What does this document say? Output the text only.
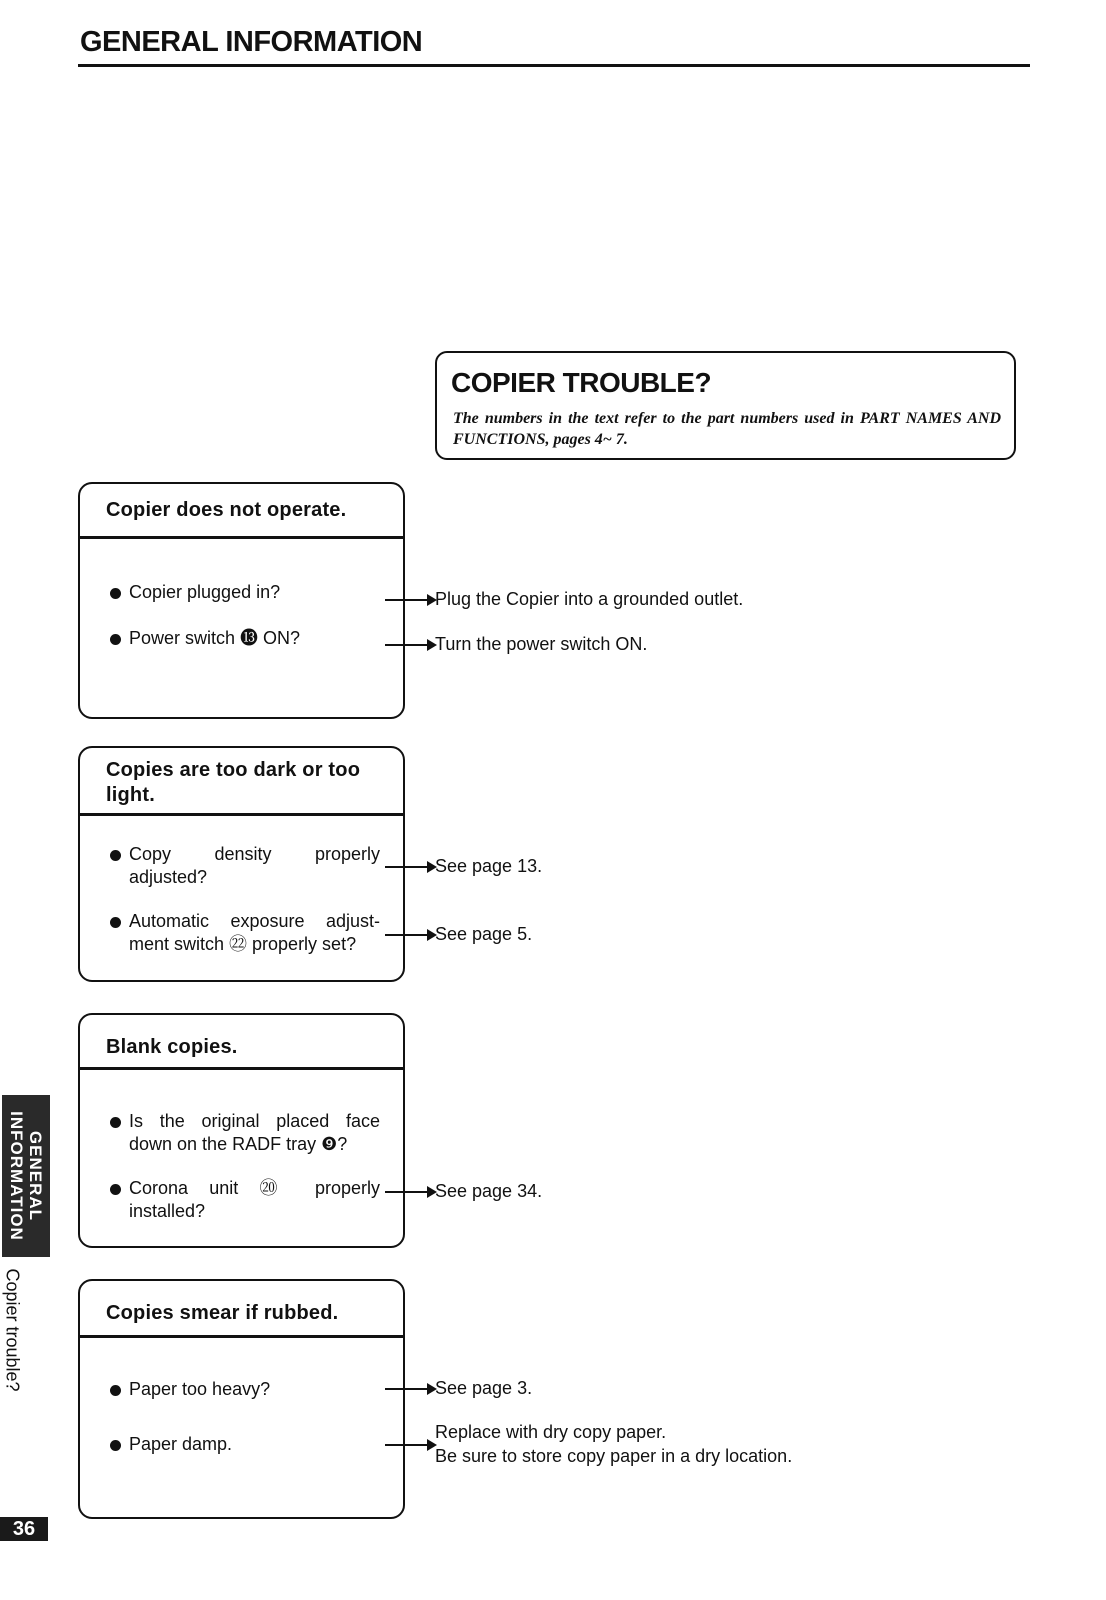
GENERAL INFORMATION
COPIER TROUBLE?
The numbers in the text refer to the part numbers used in PART NAMES AND FUNCTIONS, pages 4~ 7.
Copier does not operate.
Copier plugged in?
Power switch ⓭ ON?
Plug the Copier into a grounded outlet.
Turn the power switch ON.
Copies are too dark or too light.
Copy density properly adjusted?
Automatic exposure adjust-ment switch ㉒ properly set?
See page 13.
See page 5.
Blank copies.
Is the original placed face down on the RADF tray ❾?
Corona unit ⑳ properly installed?
See page 34.
Copies smear if rubbed.
Paper too heavy?
Paper damp.
See page 3.
Replace with dry copy paper.
Be sure to store copy paper in a dry location.
GENERAL
INFORMATION
Copier trouble?
36
